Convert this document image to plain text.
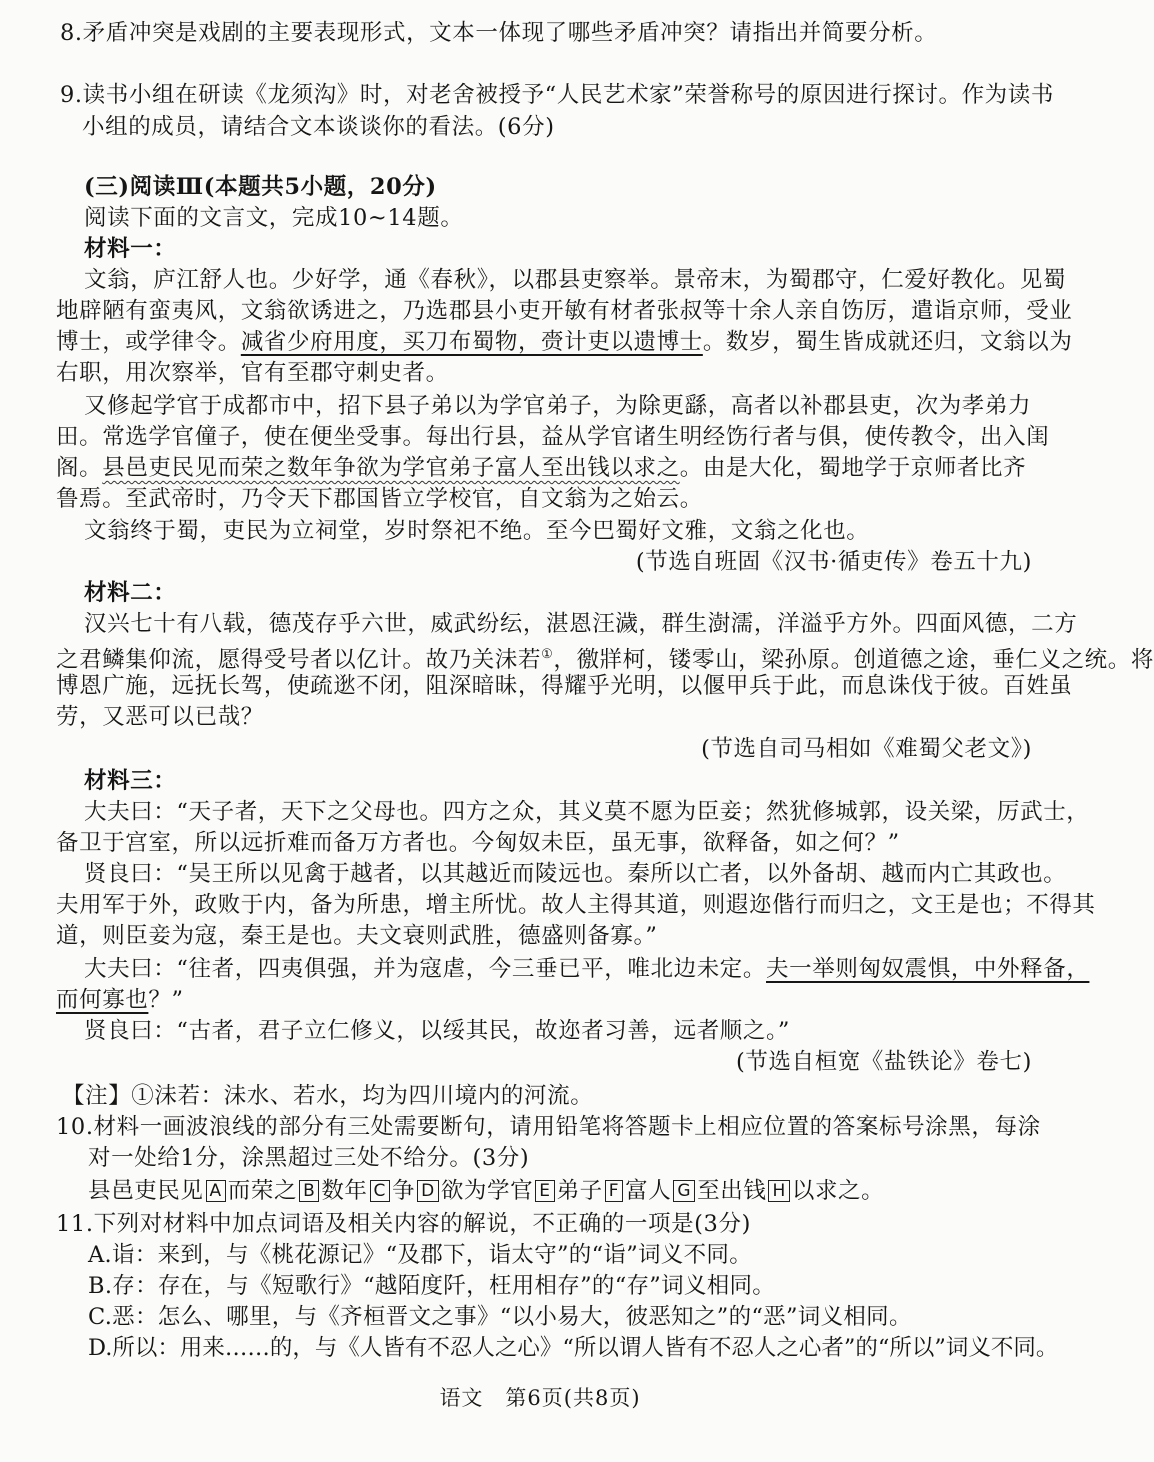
8.矛盾冲突是戏剧的主要表现形式，文本一体现了哪些矛盾冲突？请指出并简要分析。
9.读书小组在研读《龙须沟》时，对老舍被授予“人民艺术家”荣誉称号的原因进行探讨。作为读书
小组的成员，请结合文本谈谈你的看法。(6分)
(三)阅读Ⅲ(本题共5小题，20分)
阅读下面的文言文，完成10~14题。
材料一：
文翁，庐江舒人也。少好学，通《春秋》，以郡县吏察举。景帝末，为蜀郡守，仁爱好教化。见蜀
地辟陋有蛮夷风，文翁欲诱进之，乃选郡县小吏开敏有材者张叔等十余人亲自饬厉，遣诣京师，受业
博士，或学律令。减省少府用度，买刀布蜀物，赍计吏以遗博士。数岁，蜀生皆成就还归，文翁以为
右职，用次察举，官有至郡守刺史者。
又修起学官于成都市中，招下县子弟以为学官弟子，为除更繇，高者以补郡县吏，次为孝弟力
田。常选学官僮子，使在便坐受事。每出行县，益从学官诸生明经饬行者与俱，使传教令，出入闺
阁。县邑吏民见而荣之数年争欲为学官弟子富人至出钱以求之。由是大化，蜀地学于京师者比齐
鲁焉。至武帝时，乃令天下郡国皆立学校官，自文翁为之始云。
文翁终于蜀，吏民为立祠堂，岁时祭祀不绝。至今巴蜀好文雅，文翁之化也。
(节选自班固《汉书·循吏传》卷五十九)
材料二：
汉兴七十有八载，德茂存乎六世，威武纷纭，湛恩汪濊，群生澍濡，洋溢乎方外。四面风德，二方
之君鳞集仰流，愿得受号者以亿计。故乃关沬若①，徼牂柯，镂零山，梁孙原。创道德之途，垂仁义之统。将
博恩广施，远抚长驾，使疏逖不闭，阻深暗昧，得耀乎光明，以偃甲兵于此，而息诛伐于彼。百姓虽
劳，又恶可以已哉？
(节选自司马相如《难蜀父老文》)
材料三：
大夫曰：“天子者，天下之父母也。四方之众，其义莫不愿为臣妾；然犹修城郭，设关梁，厉武士，
备卫于宫室，所以远折难而备万方者也。今匈奴未臣，虽无事，欲释备，如之何？”
贤良曰：“吴王所以见禽于越者，以其越近而陵远也。秦所以亡者，以外备胡、越而内亡其政也。
夫用军于外，政败于内，备为所患，增主所忧。故人主得其道，则遐迩偕行而归之，文王是也；不得其
道，则臣妾为寇，秦王是也。夫文衰则武胜，德盛则备寡。”
大夫曰：“往者，四夷俱强，并为寇虐，今三垂已平，唯北边未定。夫一举则匈奴震惧，中外释备，
而何寡也？”
贤良曰：“古者，君子立仁修义，以绥其民，故迩者习善，远者顺之。”
(节选自桓宽《盐铁论》卷七)
【注】①沬若：沬水、若水，均为四川境内的河流。
10.材料一画波浪线的部分有三处需要断句，请用铅笔将答题卡上相应位置的答案标号涂黑，每涂
对一处给1分，涂黑超过三处不给分。(3分)
县邑吏民见 A 而荣之 B 数年 C 争 D 欲为学官 E 弟子 F 富人 G 至出钱 H 以求之。
11.下列对材料中加点词语及相关内容的解说，不正确的一项是(3分)
A.诣：来到，与《桃花源记》“及郡下，诣太守”的“诣”词义不同。
B.存：存在，与《短歌行》“越陌度阡，枉用相存”的“存”词义相同。
C.恶：怎么、哪里，与《齐桓晋文之事》“以小易大，彼恶知之”的“恶”词义相同。
D.所以：用来……的，与《人皆有不忍人之心》“所以谓人皆有不忍人之心者”的“所以”词义不同。
语文　第6页(共8页)
